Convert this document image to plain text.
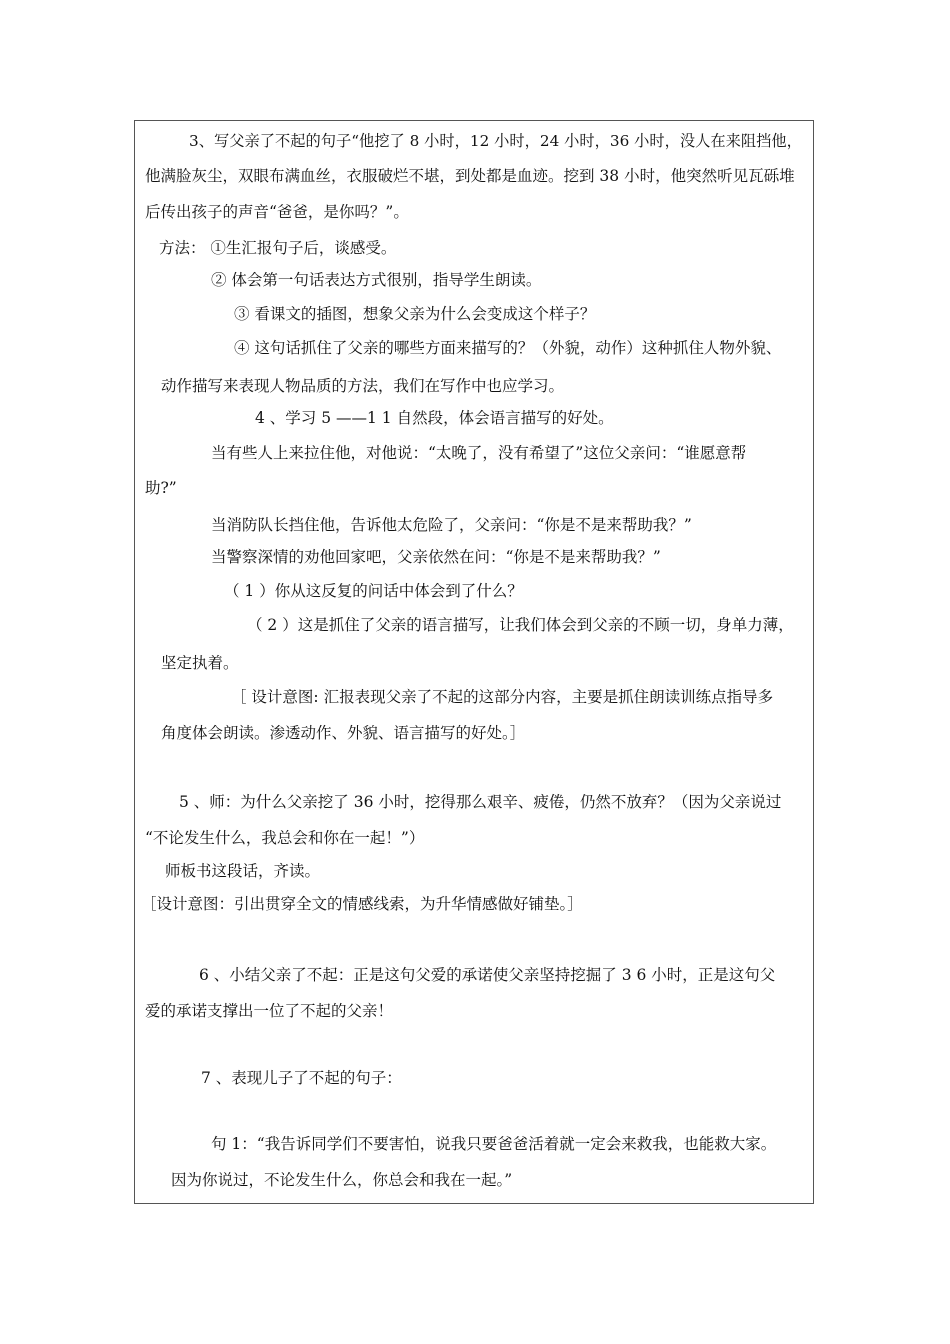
3、写父亲了不起的句子“他挖了 8 小时，12 小时，24 小时，36 小时，没人在来阻挡他，
他满脸灰尘，双眼布满血丝，衣服破烂不堪，到处都是血迹。挖到 38 小时，他突然听见瓦砾堆
后传出孩子的声音“爸爸，是你吗？”。
方法： ①生汇报句子后，谈感受。
② 体会第一句话表达方式很别，指导学生朗读。
③ 看课文的插图，想象父亲为什么会变成这个样子？
④ 这句话抓住了父亲的哪些方面来描写的？（外貌，动作）这种抓住人物外貌、
动作描写来表现人物品质的方法，我们在写作中也应学习。
4 、学习 5 ——1 1 自然段，体会语言描写的好处。
当有些人上来拉住他，对他说：“太晚了，没有希望了”这位父亲问：“谁愿意帮
助?”
当消防队长挡住他，告诉他太危险了，父亲问：“你是不是来帮助我？”
当警察深情的劝他回家吧，父亲依然在问：“你是不是来帮助我？”
（ 1 ）你从这反复的问话中体会到了什么？
（ 2 ）这是抓住了父亲的语言描写，让我们体会到父亲的不顾一切，身单力薄，
坚定执着。
［ 设计意图: 汇报表现父亲了不起的这部分内容，主要是抓住朗读训练点指导多
角度体会朗读。渗透动作、外貌、语言描写的好处。］
5 、师：为什么父亲挖了 36 小时，挖得那么艰辛、疲倦，仍然不放弃？（因为父亲说过
“不论发生什么，我总会和你在一起！”）
师板书这段话，齐读。
［设计意图：引出贯穿全文的情感线索，为升华情感做好铺垫。］
6 、小结父亲了不起：正是这句父爱的承诺使父亲坚持挖掘了 3 6 小时，正是这句父
爱的承诺支撑出一位了不起的父亲！
7 、表现儿子了不起的句子：
句 1：“我告诉同学们不要害怕，说我只要爸爸活着就一定会来救我，也能救大家。
因为你说过，不论发生什么，你总会和我在一起。”
